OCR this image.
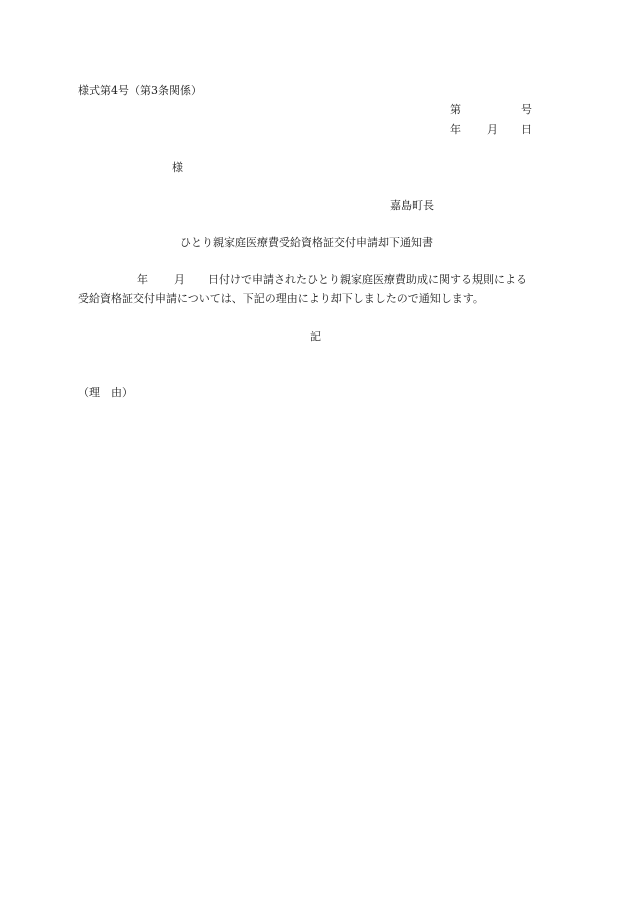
様式第4号（第3条関係）
第	号
年 月 日
様
嘉島町長
ひとり親家庭医療費受給資格証交付申請却下通知書
年 月 日付けで申請されたひとり親家庭医療費助成に関する規則による
受給資格証交付申請については、下記の理由により却下しましたので通知します。
記
（理　由）
